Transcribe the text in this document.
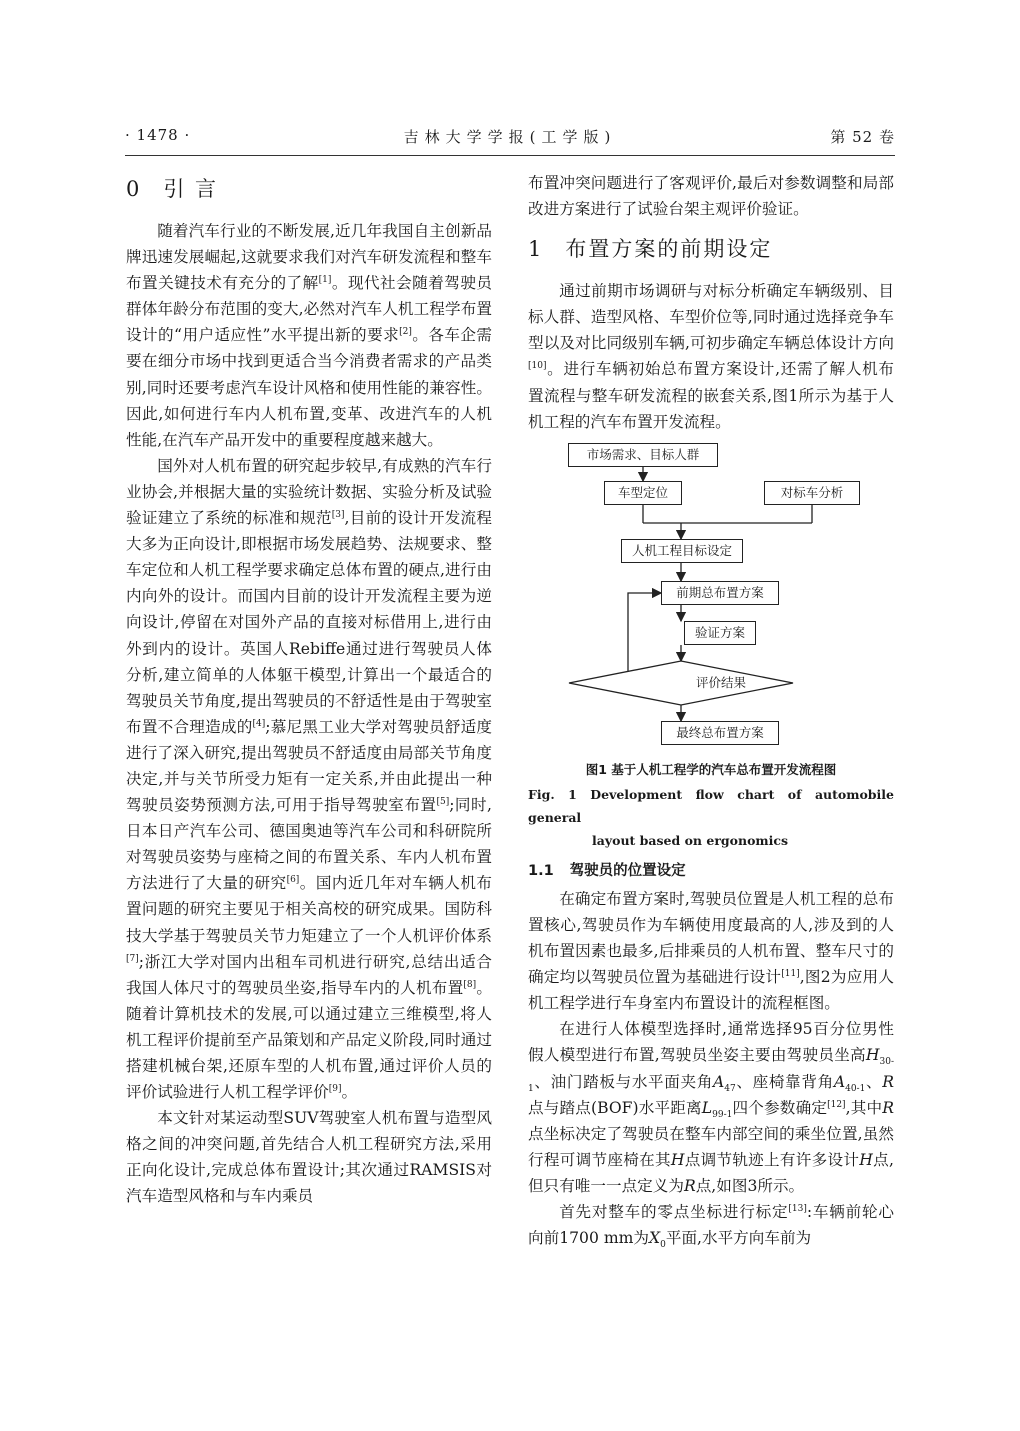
· 1478 ·	吉林大学学报(工学版)	第 52 卷
0 引 言

随着汽车行业的不断发展,近几年我国自主创新品牌迅速发展崛起,这就要求我们对汽车研发流程和整车布置关键技术有充分的了解[1]。现代社会随着驾驶员群体年龄分布范围的变大,必然对汽车人机工程学布置设计的“用户适应性”水平提出新的要求[2]。各车企需要在细分市场中找到更适合当今消费者需求的产品类别,同时还要考虑汽车设计风格和使用性能的兼容性。因此,如何进行车内人机布置,变革、改进汽车的人机性能,在汽车产品开发中的重要程度越来越大。

国外对人机布置的研究起步较早,有成熟的汽车行业协会,并根据大量的实验统计数据、实验分析及试验验证建立了系统的标准和规范[3],目前的设计开发流程大多为正向设计,即根据市场发展趋势、法规要求、整车定位和人机工程学要求确定总体布置的硬点,进行由内向外的设计。而国内目前的设计开发流程主要为逆向设计,停留在对国外产品的直接对标借用上,进行由外到内的设计。英国人Rebiffe通过进行驾驶员人体分析,建立简单的人体躯干模型,计算出一个最适合的驾驶员关节角度,提出驾驶员的不舒适性是由于驾驶室布置不合理造成的[4];慕尼黑工业大学对驾驶员舒适度进行了深入研究,提出驾驶员不舒适度由局部关节角度决定,并与关节所受力矩有一定关系,并由此提出一种驾驶员姿势预测方法,可用于指导驾驶室布置[5];同时,日本日产汽车公司、德国奥迪等汽车公司和科研院所对驾驶员姿势与座椅之间的布置关系、车内人机布置方法进行了大量的研究[6]。国内近几年对车辆人机布置问题的研究主要见于相关高校的研究成果。国防科技大学基于驾驶员关节力矩建立了一个人机评价体系[7];浙江大学对国内出租车司机进行研究,总结出适合我国人体尺寸的驾驶员坐姿,指导车内的人机布置[8]。随着计算机技术的发展,可以通过建立三维模型,将人机工程评价提前至产品策划和产品定义阶段,同时通过搭建机械台架,还原车型的人机布置,通过评价人员的评价试验进行人机工程学评价[9]。

本文针对某运动型SUV驾驶室人机布置与造型风格之间的冲突问题,首先结合人机工程研究方法,采用正向化设计,完成总体布置设计;其次通过RAMSIS对汽车造型风格和与车内乘员

布置冲突问题进行了客观评价,最后对参数调整和局部改进方案进行了试验台架主观评价验证。

1 布置方案的前期设定

通过前期市场调研与对标分析确定车辆级别、目标人群、造型风格、车型价位等,同时通过选择竞争车型以及对比同级别车辆,可初步确定车辆总体设计方向[10]。进行车辆初始总布置方案设计,还需了解人机布置流程与整车研发流程的嵌套关系,图1所示为基于人机工程的汽车布置开发流程。

市场需求、目标人群
车型定位	对标车分析
人机工程目标设定
前期总布置方案
验证方案
评价结果
最终总布置方案
图1 基于人机工程学的汽车总布置开发流程图
Fig. 1 Development flow chart of automobile general
layout based on ergonomics
1.1 驾驶员的位置设定

在确定布置方案时,驾驶员位置是人机工程的总布置核心,驾驶员作为车辆使用度最高的人,涉及到的人机布置因素也最多,后排乘员的人机布置、整车尺寸的确定均以驾驶员位置为基础进行设计[11],图2为应用人机工程学进行车身室内布置设计的流程框图。

在进行人体模型选择时,通常选择95百分位男性假人模型进行布置,驾驶员坐姿主要由驾驶员坐高$H_{30-1}$、油门踏板与水平面夹角$A_{47}$、座椅靠背角$A_{40-1}$、R点与踏点(BOF)水平距离$L_{99-1}$四个参数确定[12],其中R点坐标决定了驾驶员在整车内部空间的乘坐位置,虽然行程可调节座椅在其H点调节轨迹上有许多设计H点,但只有唯一一点定义为R点,如图3所示。

首先对整车的零点坐标进行标定[13]:车辆前轮心向前1700 mm为$X_0$平面,水平方向车前为
